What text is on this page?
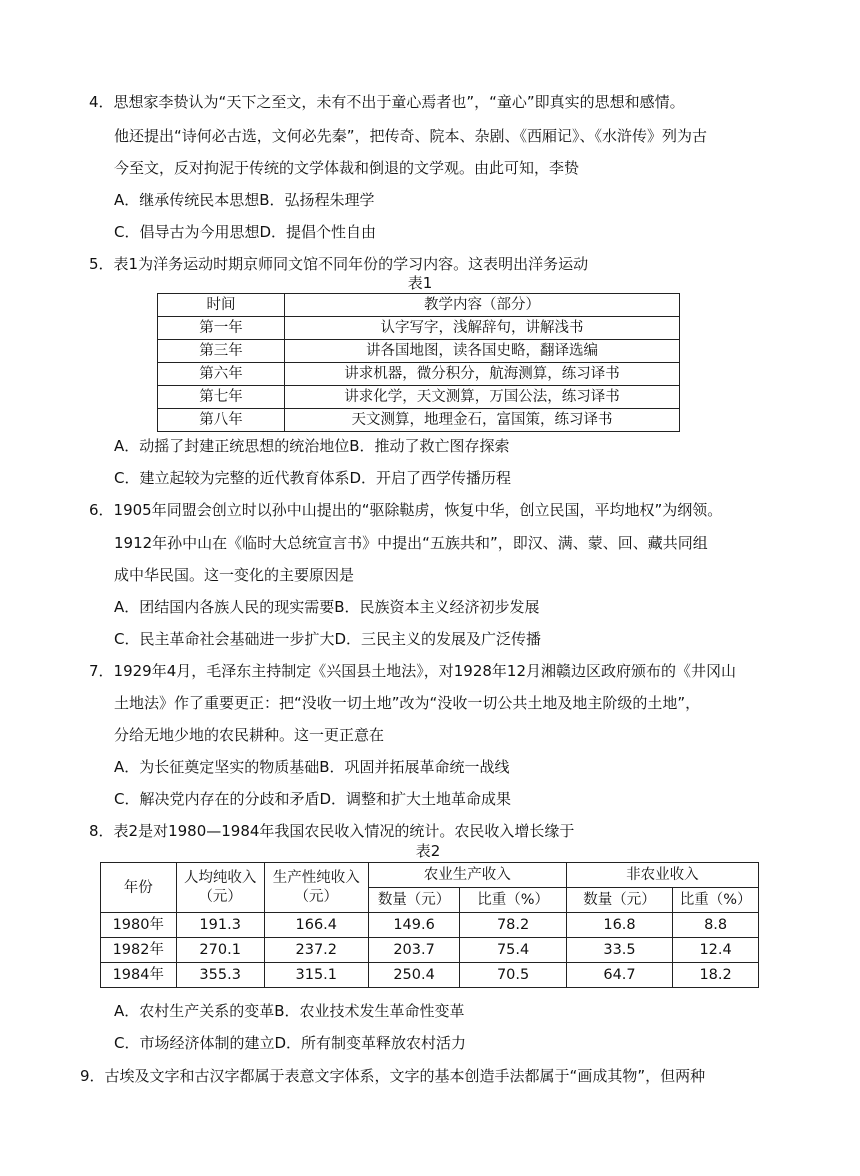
4．思想家李贽认为“天下之至文，未有不出于童心焉者也”，“童心”即真实的思想和感情。
他还提出“诗何必古选，文何必先秦”，把传奇、院本、杂剧、《西厢记》、《水浒传》列为古
今至文，反对拘泥于传统的文学体裁和倒退的文学观。由此可知，李贽
A．继承传统民本思想B．弘扬程朱理学
C．倡导古为今用思想D．提倡个性自由
5．表1为洋务运动时期京师同文馆不同年份的学习内容。这表明出洋务运动
表1
时间	教学内容（部分）
第一年	认字写字，浅解辞句，讲解浅书
第三年	讲各国地图，读各国史略，翻译选编
第六年	讲求机器，微分积分，航海测算，练习译书
第七年	讲求化学，天文测算，万国公法，练习译书
第八年	天文测算，地理金石，富国策，练习译书
A．动摇了封建正统思想的统治地位B．推动了救亡图存探索
C．建立起较为完整的近代教育体系D．开启了西学传播历程
6．1905年同盟会创立时以孙中山提出的“驱除鞑虏，恢复中华，创立民国，平均地权”为纲领。
1912年孙中山在《临时大总统宣言书》中提出“五族共和”，即汉、满、蒙、回、藏共同组
成中华民国。这一变化的主要原因是
A．团结国内各族人民的现实需要B．民族资本主义经济初步发展
C．民主革命社会基础进一步扩大D．三民主义的发展及广泛传播
7．1929年4月，毛泽东主持制定《兴国县土地法》，对1928年12月湘赣边区政府颁布的《井冈山
土地法》作了重要更正：把“没收一切土地”改为“没收一切公共土地及地主阶级的土地”，
分给无地少地的农民耕种。这一更正意在
A．为长征奠定坚实的物质基础B．巩固并拓展革命统一战线
C．解决党内存在的分歧和矛盾D．调整和扩大土地革命成果
8．表2是对1980—1984年我国农民收入情况的统计。农民收入增长缘于
表2
年份	人均纯收入（元）	生产性纯收入（元）	农业生产收入		非农业收入	
			数量（元）	比重（%）	数量（元）	比重（%）
1980年	191.3	166.4	149.6	78.2	16.8	8.8
1982年	270.1	237.2	203.7	75.4	33.5	12.4
1984年	355.3	315.1	250.4	70.5	64.7	18.2
A．农村生产关系的变革B．农业技术发生革命性变革
C．市场经济体制的建立D．所有制变革释放农村活力
9．古埃及文字和古汉字都属于表意文字体系，文字的基本创造手法都属于“画成其物”，但两种
